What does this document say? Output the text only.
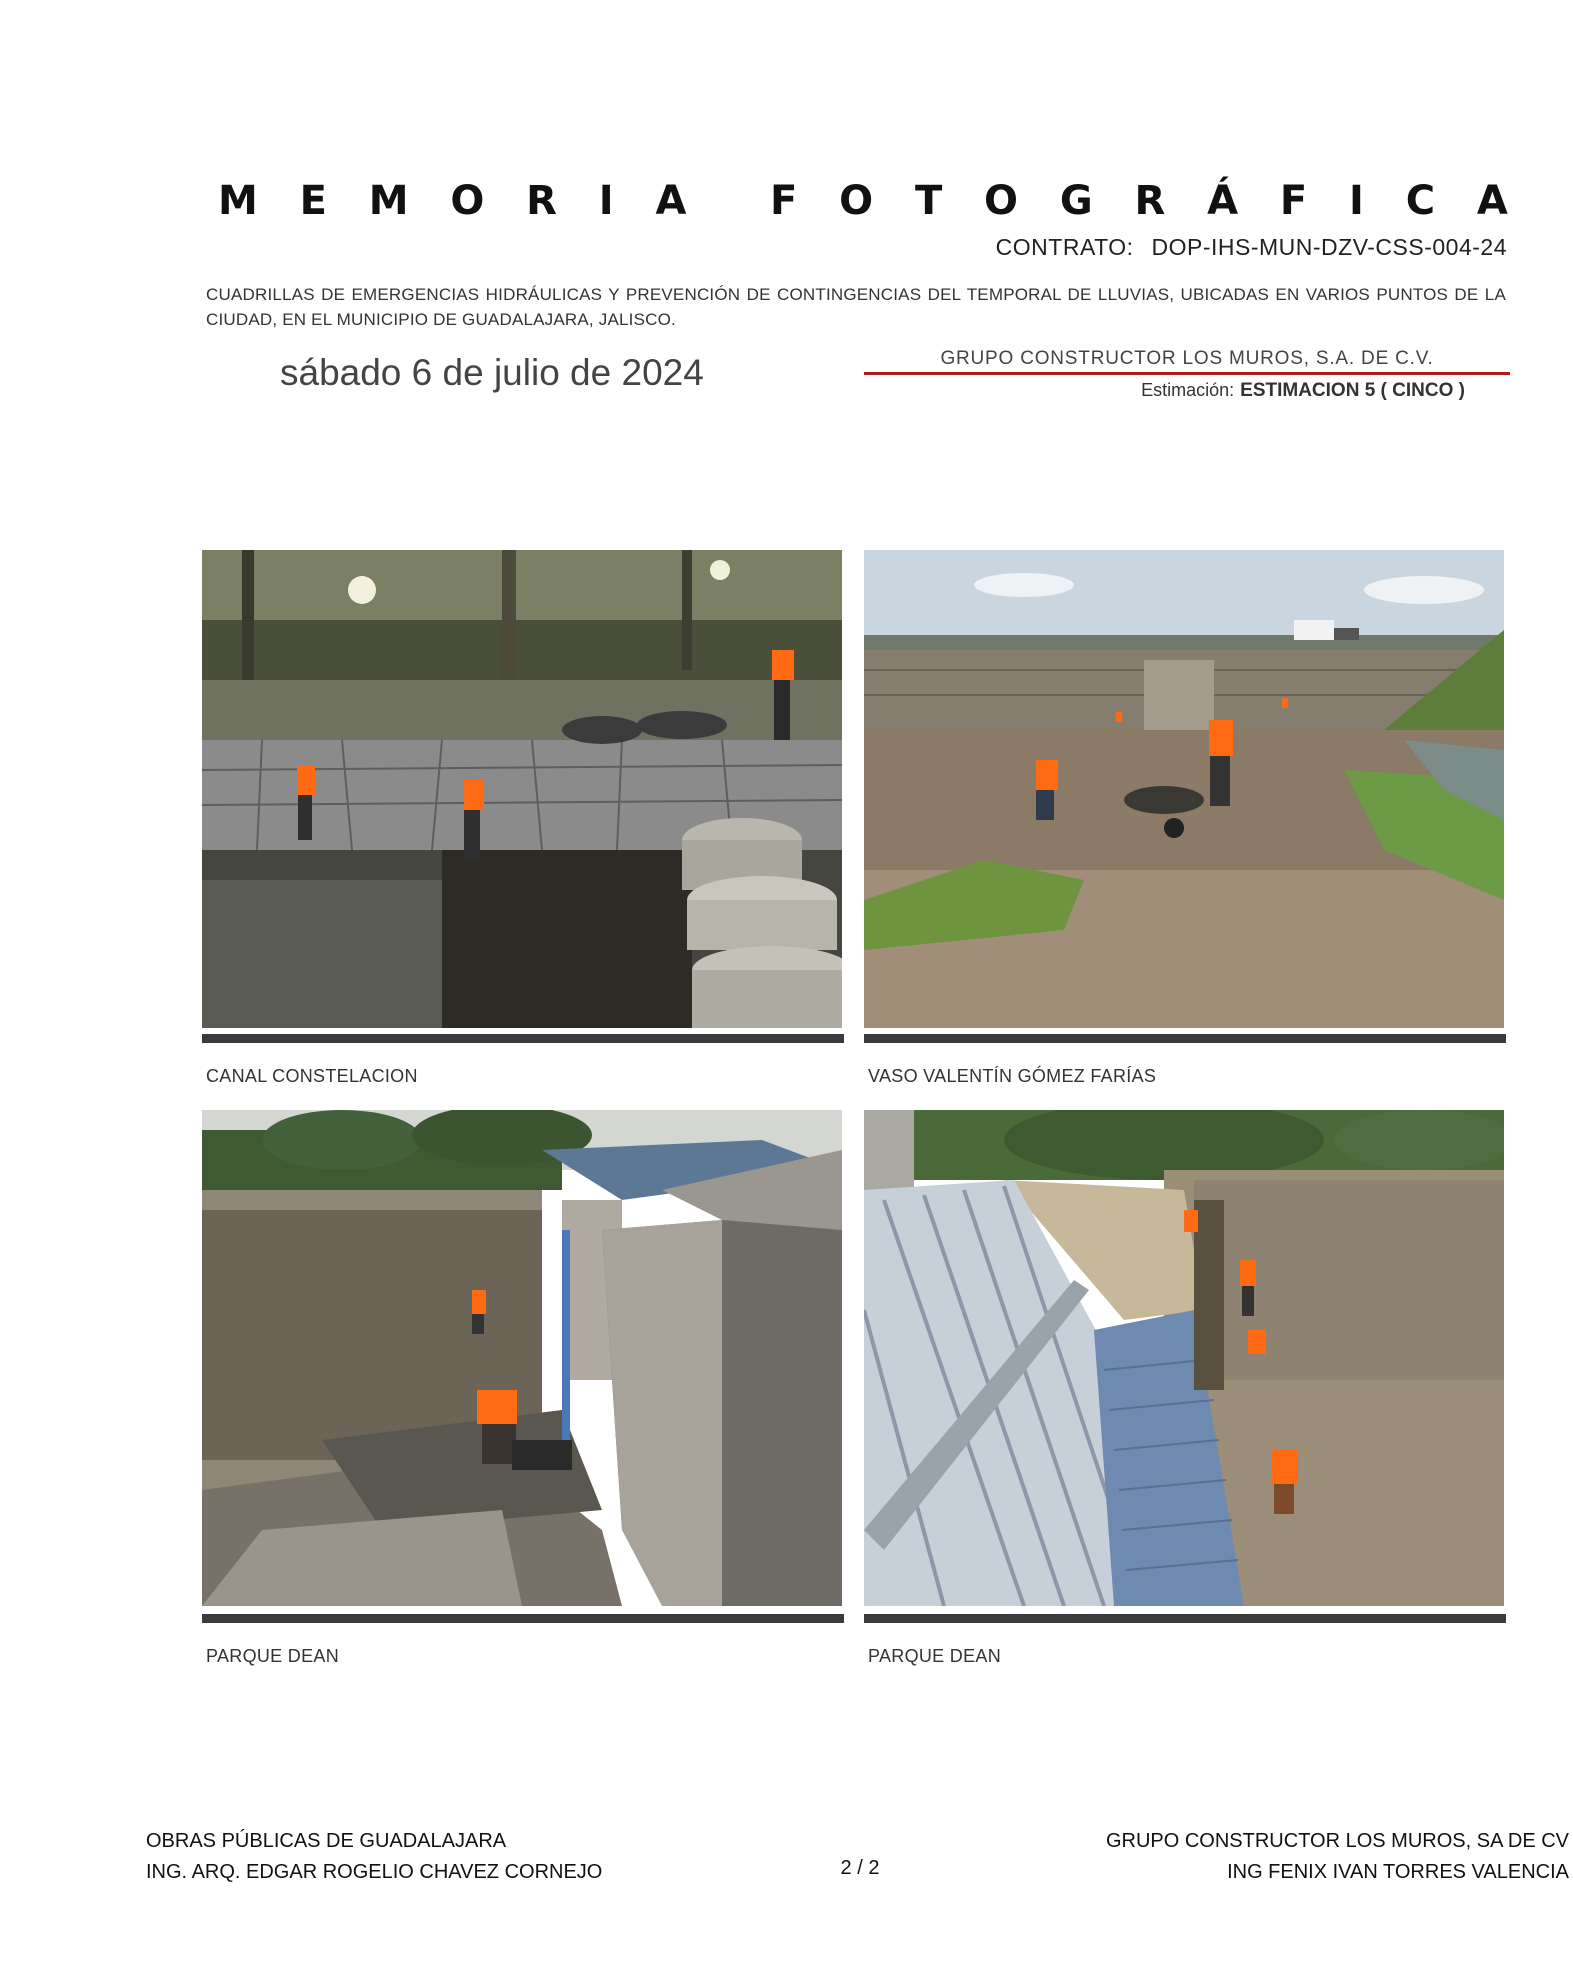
M E M O R I A F O T O G R Á F I C A
CONTRATO: DOP-IHS-MUN-DZV-CSS-004-24
CUADRILLAS DE EMERGENCIAS HIDRÁULICAS Y PREVENCIÓN DE CONTINGENCIAS DEL TEMPORAL DE LLUVIAS, UBICADAS EN VARIOS PUNTOS DE LA CIUDAD, EN EL MUNICIPIO DE GUADALAJARA, JALISCO.
sábado 6 de julio de 2024	GRUPO CONSTRUCTOR LOS MUROS, S.A. DE C.V.
Estimación: ESTIMACION 5 ( CINCO )
CANAL CONSTELACION	VASO VALENTÍN GÓMEZ FARÍAS
PARQUE DEAN	PARQUE DEAN
OBRAS PÚBLICAS DE GUADALAJARA
ING. ARQ. EDGAR ROGELIO CHAVEZ CORNEJO	2 / 2
GRUPO CONSTRUCTOR LOS MUROS, SA DE CV
ING FENIX IVAN TORRES VALENCIA
